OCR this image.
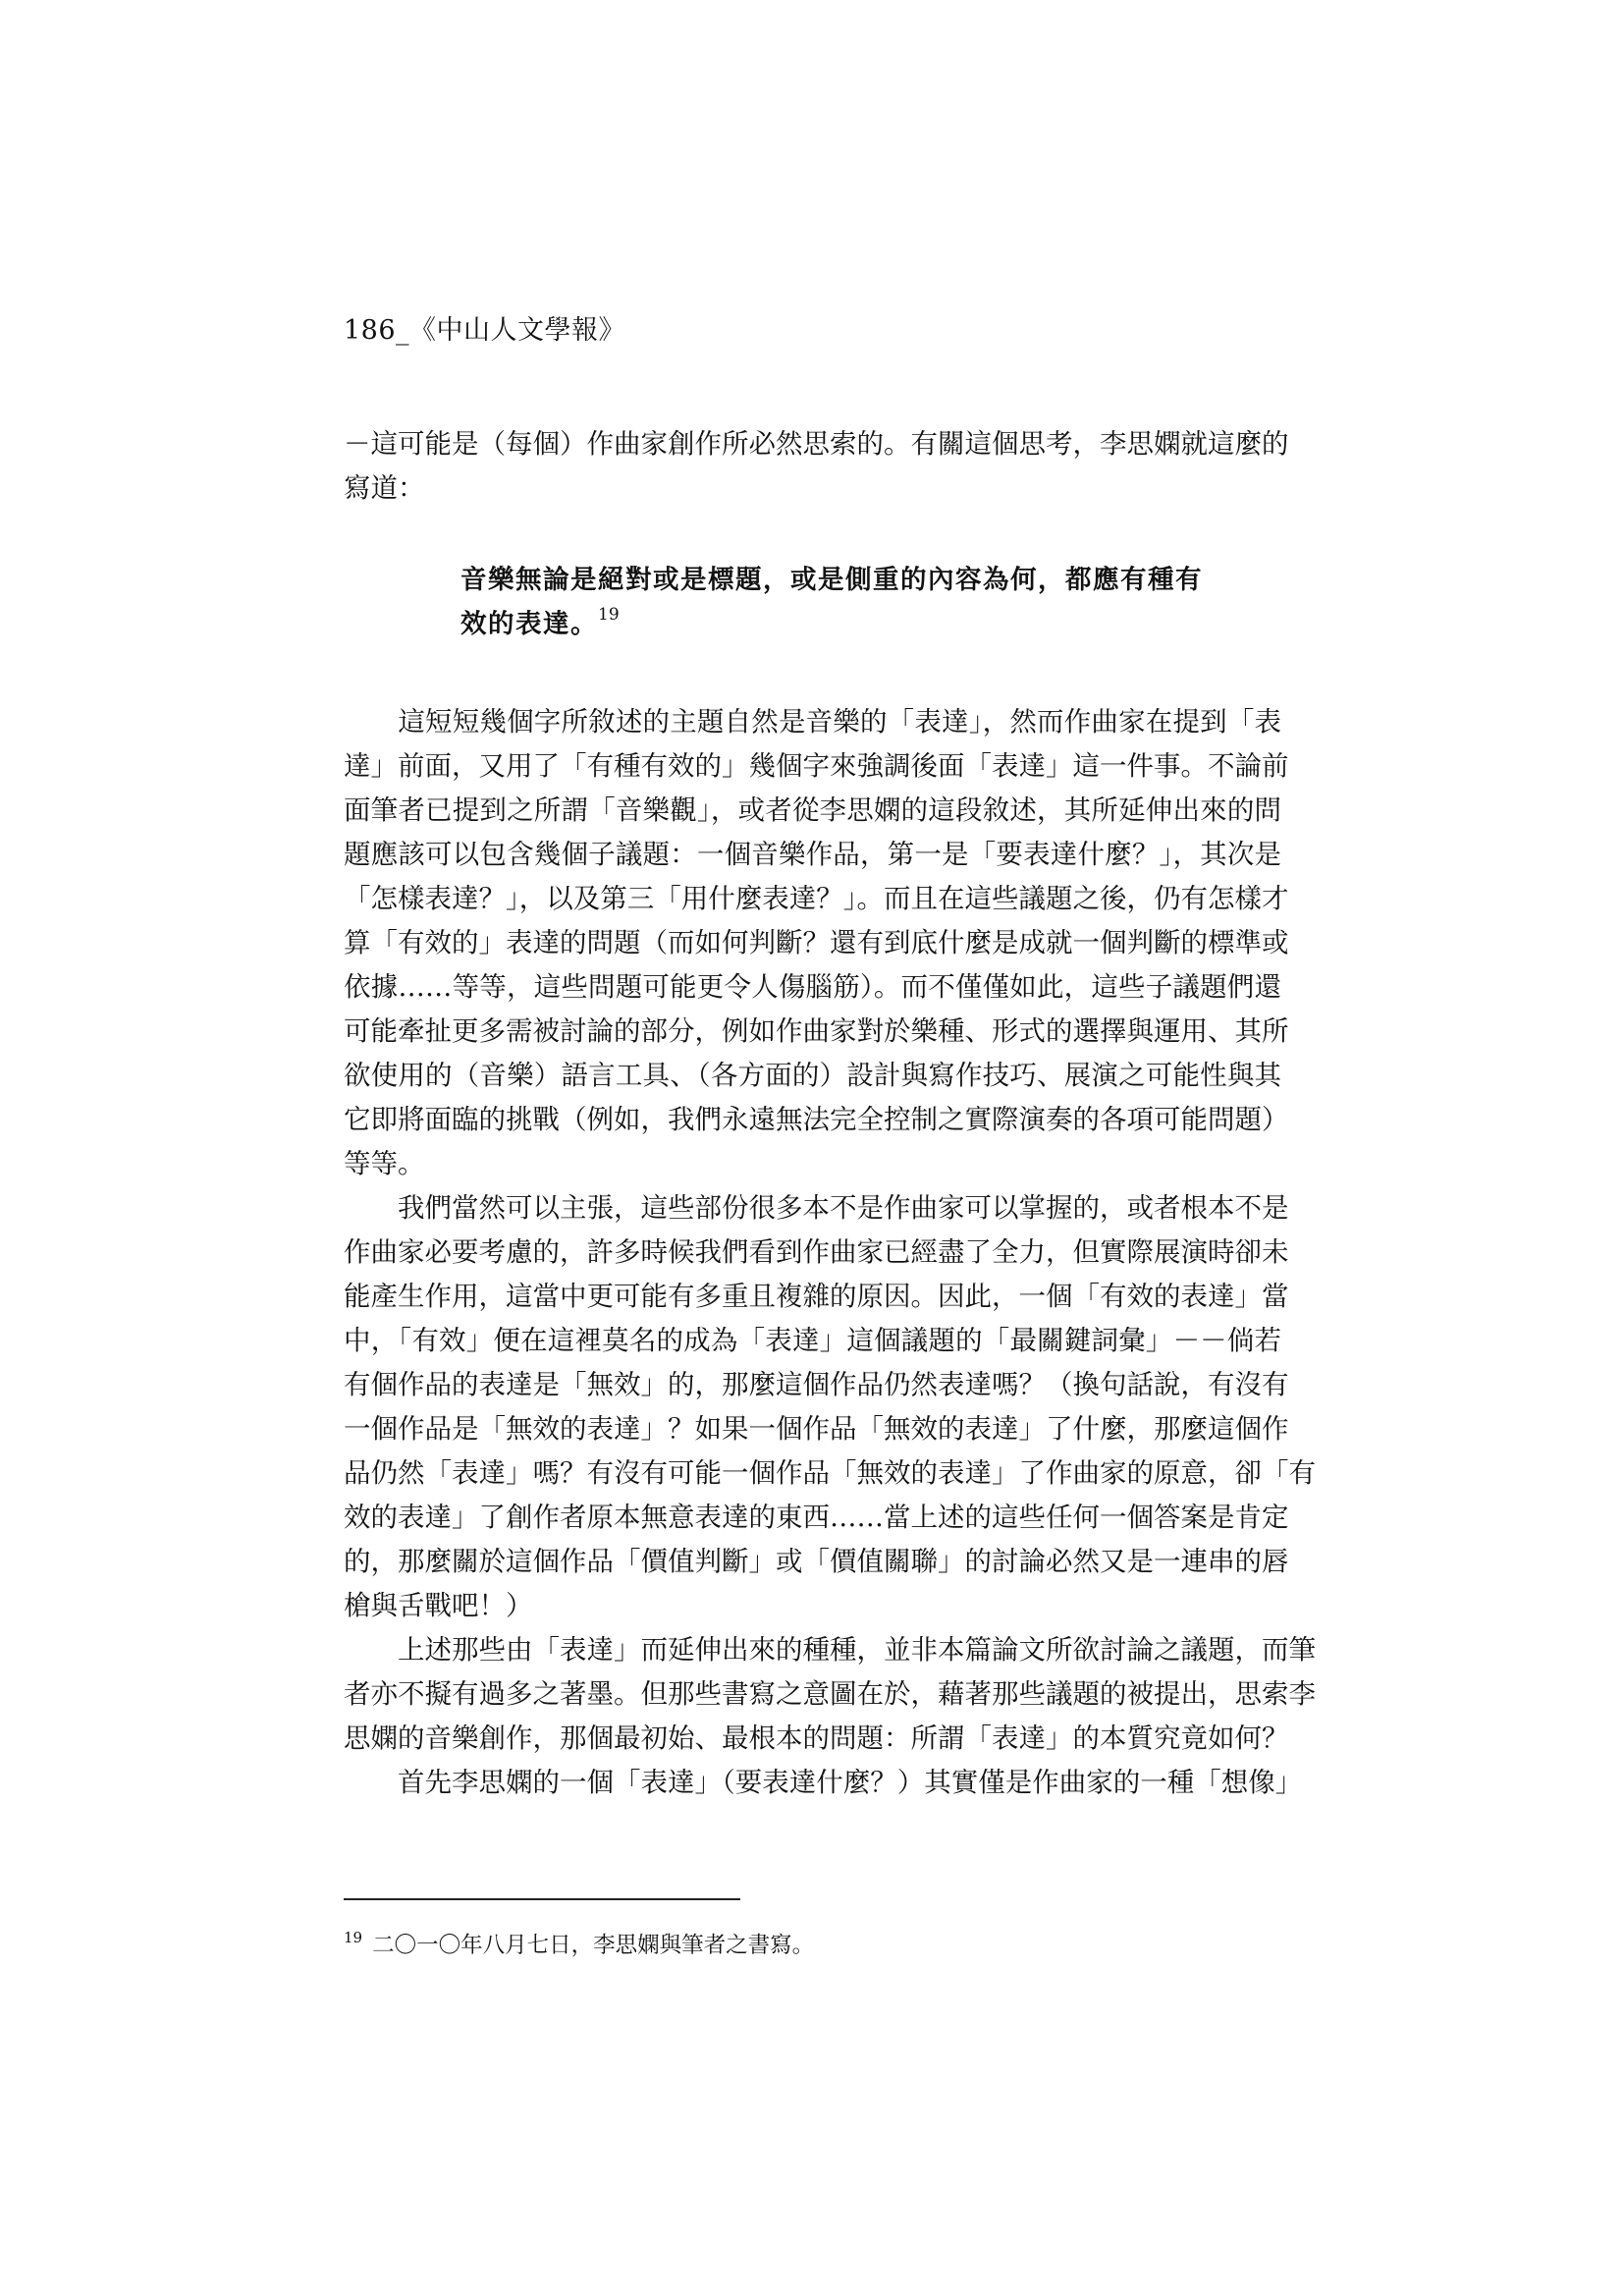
186_《中山人文學報》
－這可能是（每個）作曲家創作所必然思索的。有關這個思考，李思嫻就這麼的
寫道：
音樂無論是絕對或是標題，或是側重的內容為何，都應有種有
效的表達。$^{19}$
　　這短短幾個字所敘述的主題自然是音樂的「表達」，然而作曲家在提到「表
達」前面，又用了「有種有效的」幾個字來強調後面「表達」這一件事。不論前
面筆者已提到之所謂「音樂觀」，或者從李思嫻的這段敘述，其所延伸出來的問
題應該可以包含幾個子議題：一個音樂作品，第一是「要表達什麼？」，其次是
「怎樣表達？」，以及第三「用什麼表達？」。而且在這些議題之後，仍有怎樣才
算「有效的」表達的問題（而如何判斷？還有到底什麼是成就一個判斷的標準或
依據……等等，這些問題可能更令人傷腦筋）。而不僅僅如此，這些子議題們還
可能牽扯更多需被討論的部分，例如作曲家對於樂種、形式的選擇與運用、其所
欲使用的（音樂）語言工具、（各方面的）設計與寫作技巧、展演之可能性與其
它即將面臨的挑戰（例如，我們永遠無法完全控制之實際演奏的各項可能問題）
等等。
　　我們當然可以主張，這些部份很多本不是作曲家可以掌握的，或者根本不是
作曲家必要考慮的，許多時候我們看到作曲家已經盡了全力，但實際展演時卻未
能產生作用，這當中更可能有多重且複雜的原因。因此，一個「有效的表達」當
中，「有效」便在這裡莫名的成為「表達」這個議題的「最關鍵詞彙」－－倘若
有個作品的表達是「無效」的，那麼這個作品仍然表達嗎？（換句話說，有沒有
一個作品是「無效的表達」？如果一個作品「無效的表達」了什麼，那麼這個作
品仍然「表達」嗎？有沒有可能一個作品「無效的表達」了作曲家的原意，卻「有
效的表達」了創作者原本無意表達的東西……當上述的這些任何一個答案是肯定
的，那麼關於這個作品「價值判斷」或「價值關聯」的討論必然又是一連串的唇
槍與舌戰吧！）
　　上述那些由「表達」而延伸出來的種種，並非本篇論文所欲討論之議題，而筆
者亦不擬有過多之著墨。但那些書寫之意圖在於，藉著那些議題的被提出，思索李
思嫻的音樂創作，那個最初始、最根本的問題：所謂「表達」的本質究竟如何？
　　首先李思嫻的一個「表達」（要表達什麼？）其實僅是作曲家的一種「想像」
$^{19}$ 二〇一〇年八月七日，李思嫻與筆者之書寫。
